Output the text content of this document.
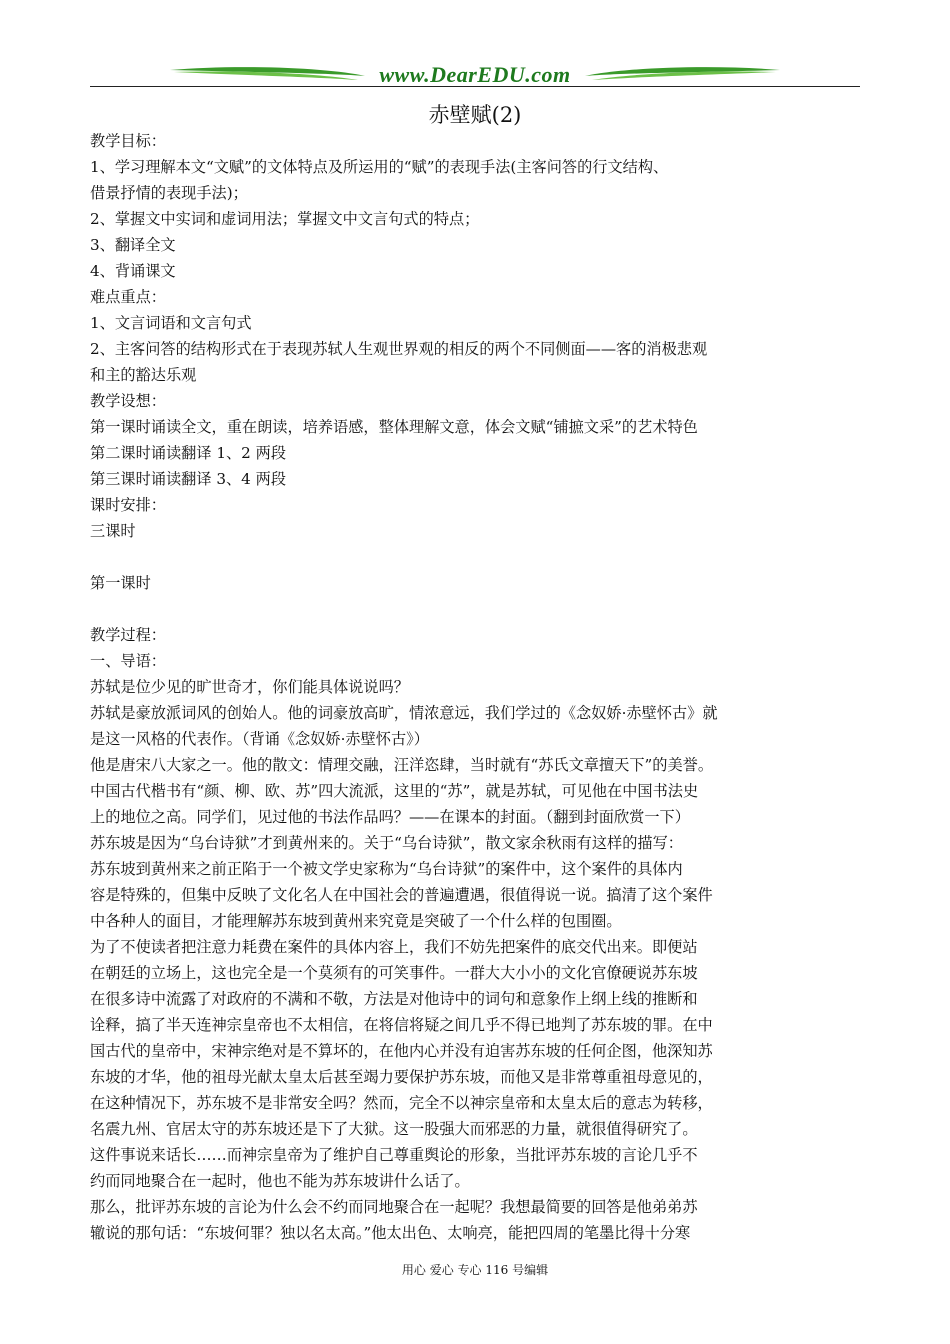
www.DearEDU.com
赤壁赋(2)
教学目标：
1、学习理解本文“文赋”的文体特点及所运用的“赋”的表现手法(主客问答的行文结构、
借景抒情的表现手法)；
2、掌握文中实词和虚词用法；掌握文中文言句式的特点；
3、翻译全文
4、背诵课文
难点重点：
1、文言词语和文言句式
2、主客问答的结构形式在于表现苏轼人生观世界观的相反的两个不同侧面——客的消极悲观
和主的豁达乐观
教学设想：
第一课时诵读全文，重在朗读，培养语感，整体理解文意，体会文赋“铺摭文采”的艺术特色
第二课时诵读翻译 1、2 两段
第三课时诵读翻译 3、4 两段
课时安排：
三课时
第一课时
教学过程：
一、导语：
苏轼是位少见的旷世奇才，你们能具体说说吗？
苏轼是豪放派词风的创始人。他的词豪放高旷，情浓意远，我们学过的《念奴娇·赤壁怀古》就
是这一风格的代表作。（背诵《念奴娇·赤壁怀古》）
他是唐宋八大家之一。他的散文：情理交融，汪洋恣肆，当时就有“苏氏文章擅天下”的美誉。
中国古代楷书有“颜、柳、欧、苏”四大流派，这里的“苏”，就是苏轼，可见他在中国书法史
上的地位之高。同学们，见过他的书法作品吗？——在课本的封面。（翻到封面欣赏一下）
苏东坡是因为“乌台诗狱”才到黄州来的。关于“乌台诗狱”，散文家余秋雨有这样的描写：
苏东坡到黄州来之前正陷于一个被文学史家称为“乌台诗狱”的案件中，这个案件的具体内
容是特殊的，但集中反映了文化名人在中国社会的普遍遭遇，很值得说一说。搞清了这个案件
中各种人的面目，才能理解苏东坡到黄州来究竟是突破了一个什么样的包围圈。
为了不使读者把注意力耗费在案件的具体内容上，我们不妨先把案件的底交代出来。即便站
在朝廷的立场上，这也完全是一个莫须有的可笑事件。一群大大小小的文化官僚硬说苏东坡
在很多诗中流露了对政府的不满和不敬，方法是对他诗中的词句和意象作上纲上线的推断和
诠释，搞了半天连神宗皇帝也不太相信，在将信将疑之间几乎不得已地判了苏东坡的罪。在中
国古代的皇帝中，宋神宗绝对是不算坏的，在他内心并没有迫害苏东坡的任何企图，他深知苏
东坡的才华，他的祖母光献太皇太后甚至竭力要保护苏东坡，而他又是非常尊重祖母意见的，
在这种情况下，苏东坡不是非常安全吗？然而，完全不以神宗皇帝和太皇太后的意志为转移，
名震九州、官居太守的苏东坡还是下了大狱。这一股强大而邪恶的力量，就很值得研究了。
这件事说来话长……而神宗皇帝为了维护自己尊重舆论的形象，当批评苏东坡的言论几乎不
约而同地聚合在一起时，他也不能为苏东坡讲什么话了。
那么，批评苏东坡的言论为什么会不约而同地聚合在一起呢？我想最简要的回答是他弟弟苏
辙说的那句话：“东坡何罪？独以名太高。”他太出色、太响亮，能把四周的笔墨比得十分寒
用心 爱心 专心 116 号编辑
